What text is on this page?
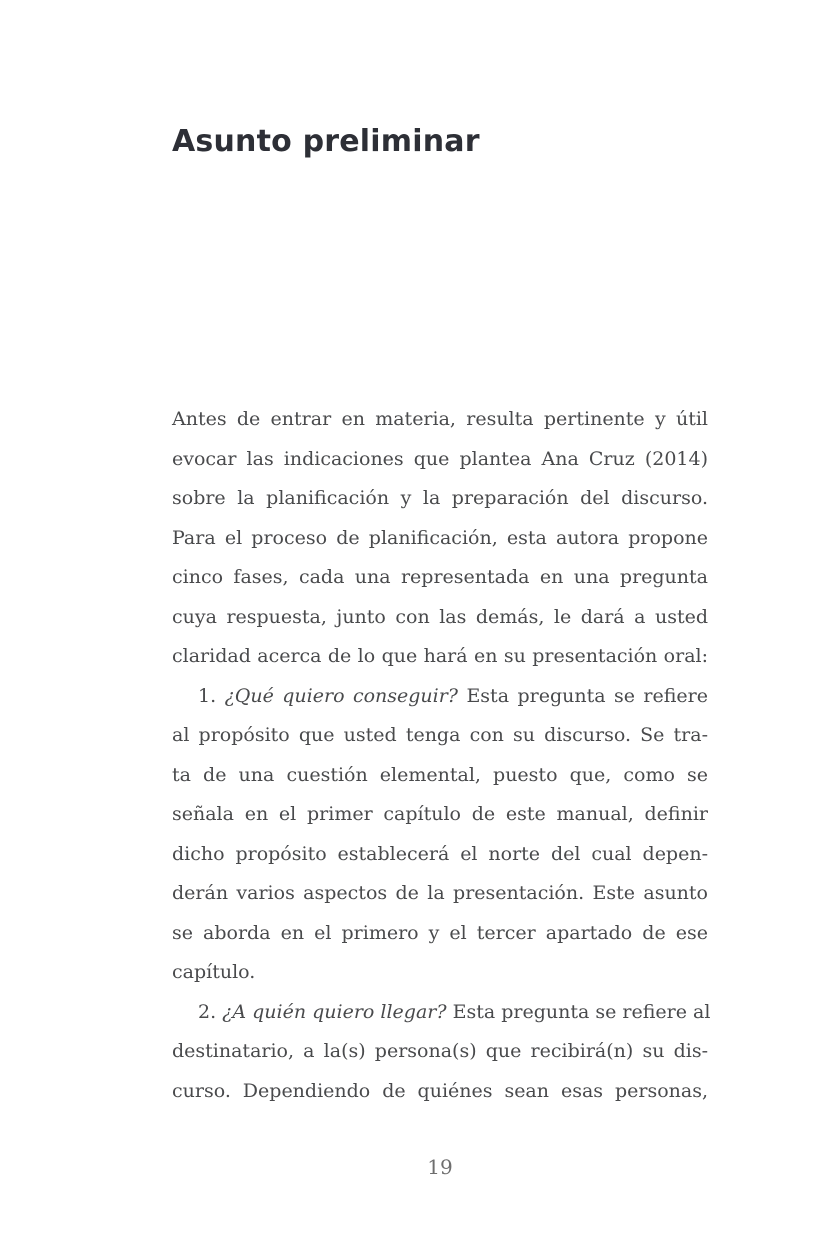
Asunto preliminar
Antes de entrar en materia, resulta pertinente y útil
evocar las indicaciones que plantea Ana Cruz (2014)
sobre la planificación y la preparación del discurso.
Para el proceso de planificación, esta autora propone
cinco fases, cada una representada en una pregunta
cuya respuesta, junto con las demás, le dará a usted
claridad acerca de lo que hará en su presentación oral:
1. ¿Qué quiero conseguir? Esta pregunta se refiere
al propósito que usted tenga con su discurso. Se tra-
ta de una cuestión elemental, puesto que, como se
señala en el primer capítulo de este manual, definir
dicho propósito establecerá el norte del cual depen-
derán varios aspectos de la presentación. Este asunto
se aborda en el primero y el tercer apartado de ese
capítulo.
2. ¿A quién quiero llegar? Esta pregunta se refiere al
destinatario, a la(s) persona(s) que recibirá(n) su dis-
curso. Dependiendo de quiénes sean esas personas,
19
